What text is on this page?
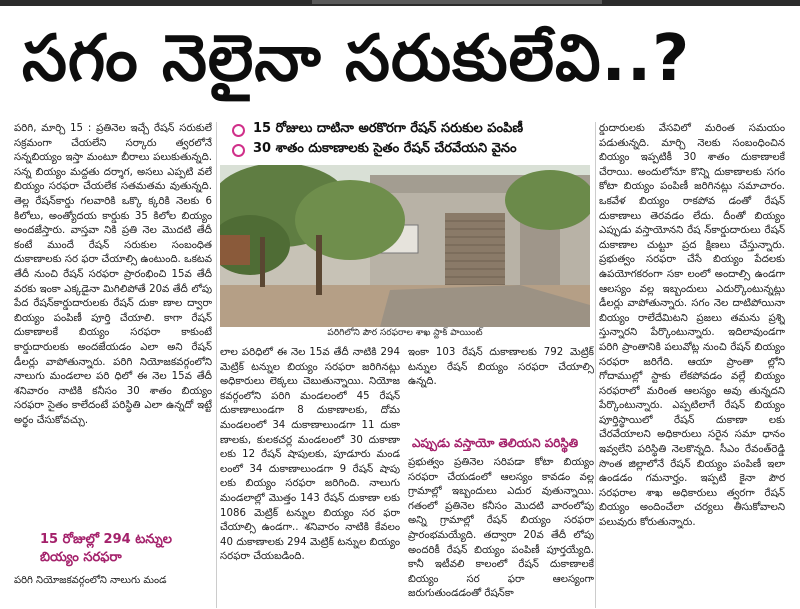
సగం నెలైనా సరుకులేవి..?

పరిగి, మార్చి 15 : ప్రతినెల ఇచ్చే రేషన్ సరుకులే సక్రమంగా చేయలేని సర్కారు త్వరలోనే సన్నబియ్యం ఇస్తా మంటూ బీరాలు పలుకుతున్నది. సన్న బియ్యం మద్దతు దర్శాగ, అసలు ఎప్పటి వలే బియ్యం సరఫరా చేయలేక సతమతమ వుతున్నది. తెల్ల రేషన్‌కార్డు గలవారికి ఒక్కొ క్కరికి నెలకు 6 కిలోలు, అంత్యోదయ కార్డుకు 35 కిలోల బియ్యం అందజేస్తారు. వాస్తవా నికి ప్రతి నెల మొదటి తేదీ కంటే ముందే రేషన్ సరుకుల సంబంధిత దుకాణాలకు సర ఫరా చేయాల్సి ఉంటుంది. ఒకటవ తేదీ నుంచి రేషన్ సరఫరా ప్రారంభించి 15వ తేదీ వరకు ఇంకా ఎక్కడైనా మిగిలిపోతే 20వ తేదీ లోపు పేద రేషన్‌కార్డుదారులకు రేషన్ దుకా ణాల ద్వారా బియ్యం పంపిణీ పూర్తి చేయాలి. కాగా రేషన్ దుకాణాలకే బియ్యం సరఫరా కాకుంటే కార్డుదారులకు అందజేయడం ఎలా అని రేషన్ డీలర్లు వాపోతున్నారు. పరిగి నియోజకవర్గంలోని నాలుగు మండలాల పరి ధిలో ఈ నెల 15వ తేదీ శనివారం నాటికి కనీసం 30 శాతం బియ్యం సరఫరా సైతం కాలేదంటే పరిస్థితి ఎలా ఉన్నదో ఇట్టే అర్థం చేసుకోవచ్చు.

15 రోజులు దాటినా అరకొరగా రేషన్ సరుకుల పంపిణీ
30 శాతం దుకాణాలకు సైతం రేషన్ చేరవేయని వైనం
పరిగిలోని పౌర సరఫరాల శాఖ స్టాక్ పాయింట్

లాల పరిధిలో ఈ నెల 15వ తేదీ నాటికి 294 మెట్రిక్ టన్నుల బియ్యం సరఫరా జరిగినట్లు అధికారులు లెక్కలు చెబుతున్నాయి. నియోజ కవర్గంలోని పరిగి మండలంలో 45 రేషన్ దుకాణాలుండగా 8 దుకాణాలకు, దోమ మండలంలో 34 దుకాణాలుండగా 11 దుకా ణాలకు, కులకచర్ల మండలంలో 30 దుకాణా లకు 12 రేషన్ షాపులకు, పూడూరు మండ లంలో 34 దుకాణాలుండగా 9 రేషన్ షాపు లకు బియ్యం సరఫరా జరిగింది. నాలుగు మండలాల్లో మొత్తం 143 రేషన్ దుకాణా లకు 1086 మెట్రిక్ టన్నుల బియ్యం సర ఫరా చేయాల్సి ఉండగా.. శనివారం నాటికి కేవలం 40 దుకాణాలకు 294 మెట్రిక్ టన్నుల బియ్యం సరఫరా చేయబడింది.

ఇంకా 103 రేషన్ దుకాణాలకు 792 మెట్రిక్ టన్నుల రేషన్ బియ్యం సరఫరా చేయాల్సి ఉన్నది.

ఎప్పుడు వస్తాయో తెలియని పరిస్థితి

ప్రభుత్వం ప్రతినెల సరిపడా కోటా బియ్యం సరఫరా చేయడంలో ఆలస్యం కావడం వల్ల గ్రామాల్లో ఇబ్బందులు ఎదుర వుతున్నాయి. గతంలో ప్రతినెల కనీసం మొదటి వారంలోపు అన్ని గ్రామాల్లో రేషన్ బియ్యం సరఫరా ప్రారంభమయ్యేది. తద్వారా 20వ తేదీ లోపు అందరికీ రేషన్ బియ్యం పంపిణీ పూర్తయ్యేది. కానీ ఇటీవలి కాలంలో రేషన్ దుకాణాలకే బియ్యం సర ఫరా ఆలస్యంగా జరుగుతుండడంతో రేషన్‌కా

ర్డుదారులకు వేసవిలో మరింత సమయం పడుతున్నది. మార్చి నెలకు సంబంధించిన బియ్యం ఇప్పటికీ 30 శాతం దుకాణాలకే చేరాయి. అందులోనూ కొన్ని దుకాణాలకు సగం కోటా బియ్యం పంపిణీ జరిగినట్లు సమాచారం. ఒకవేళ బియ్యం రాకపోవ డంతో రేషన్ దుకాణాలు తెరవడం లేదు. దీంతో బియ్యం ఎప్పుడు వస్తాయోనని రేష న్‌కార్డుదారులు రేషన్ దుకాణాల చుట్టూ ప్రద క్షిణలు చేస్తున్నారు. ప్రభుత్వం సరఫరా చేసే బియ్యం పేదలకు ఉపయోగకరంగా సకా లంలో అందాల్సి ఉండగా ఆలస్యం వల్ల ఇబ్బందులు ఎదుర్కొంటున్నట్లు డీలర్లు వాపోతున్నారు. సగం నెల దాటిపోయినా బియ్యం రాలేదేమిటని ప్రజలు తమను ప్రశ్ని స్తున్నారని పేర్కొంటున్నారు. ఇదిలావుండగా పరిగి ప్రాంతానికి పలువోట్ల నుంచి రేషన్ బియ్యం సరఫరా జరిగేది. ఆయా ప్రాంతా ల్లోని గోదాముల్లో స్టాకు లేకపోవడం వల్లే బియ్యం సరఫరాలో మరింత ఆలస్యం అవు తున్నదని పేర్కొంటున్నారు. ఎప్పటిలాగే రేషన్ బియ్యం పూర్తిస్థాయిలో రేషన్ దుకాణా లకు చేరవేయాలని అధికారులు సరైన సమా ధానం ఇవ్వలేని పరిస్థితి నెలకొన్నది. సీఎం రేవంత్‌రెడ్డి సొంత జిల్లాలోనే రేషన్ బియ్యం పంపిణీ ఇలా ఉండడం గమనార్హం. ఇప్పటి కైనా పౌర సరఫరాల శాఖ అధికారులు త్వరగా రేషన్ బియ్యం అందించేలా చర్యలు తీసుకోవాలని పలువురు కోరుతున్నారు.

15 రోజుల్లో 294 టన్నుల బియ్యం సరఫరా
పరిగి నియోజకవర్గంలోని నాలుగు మండ
